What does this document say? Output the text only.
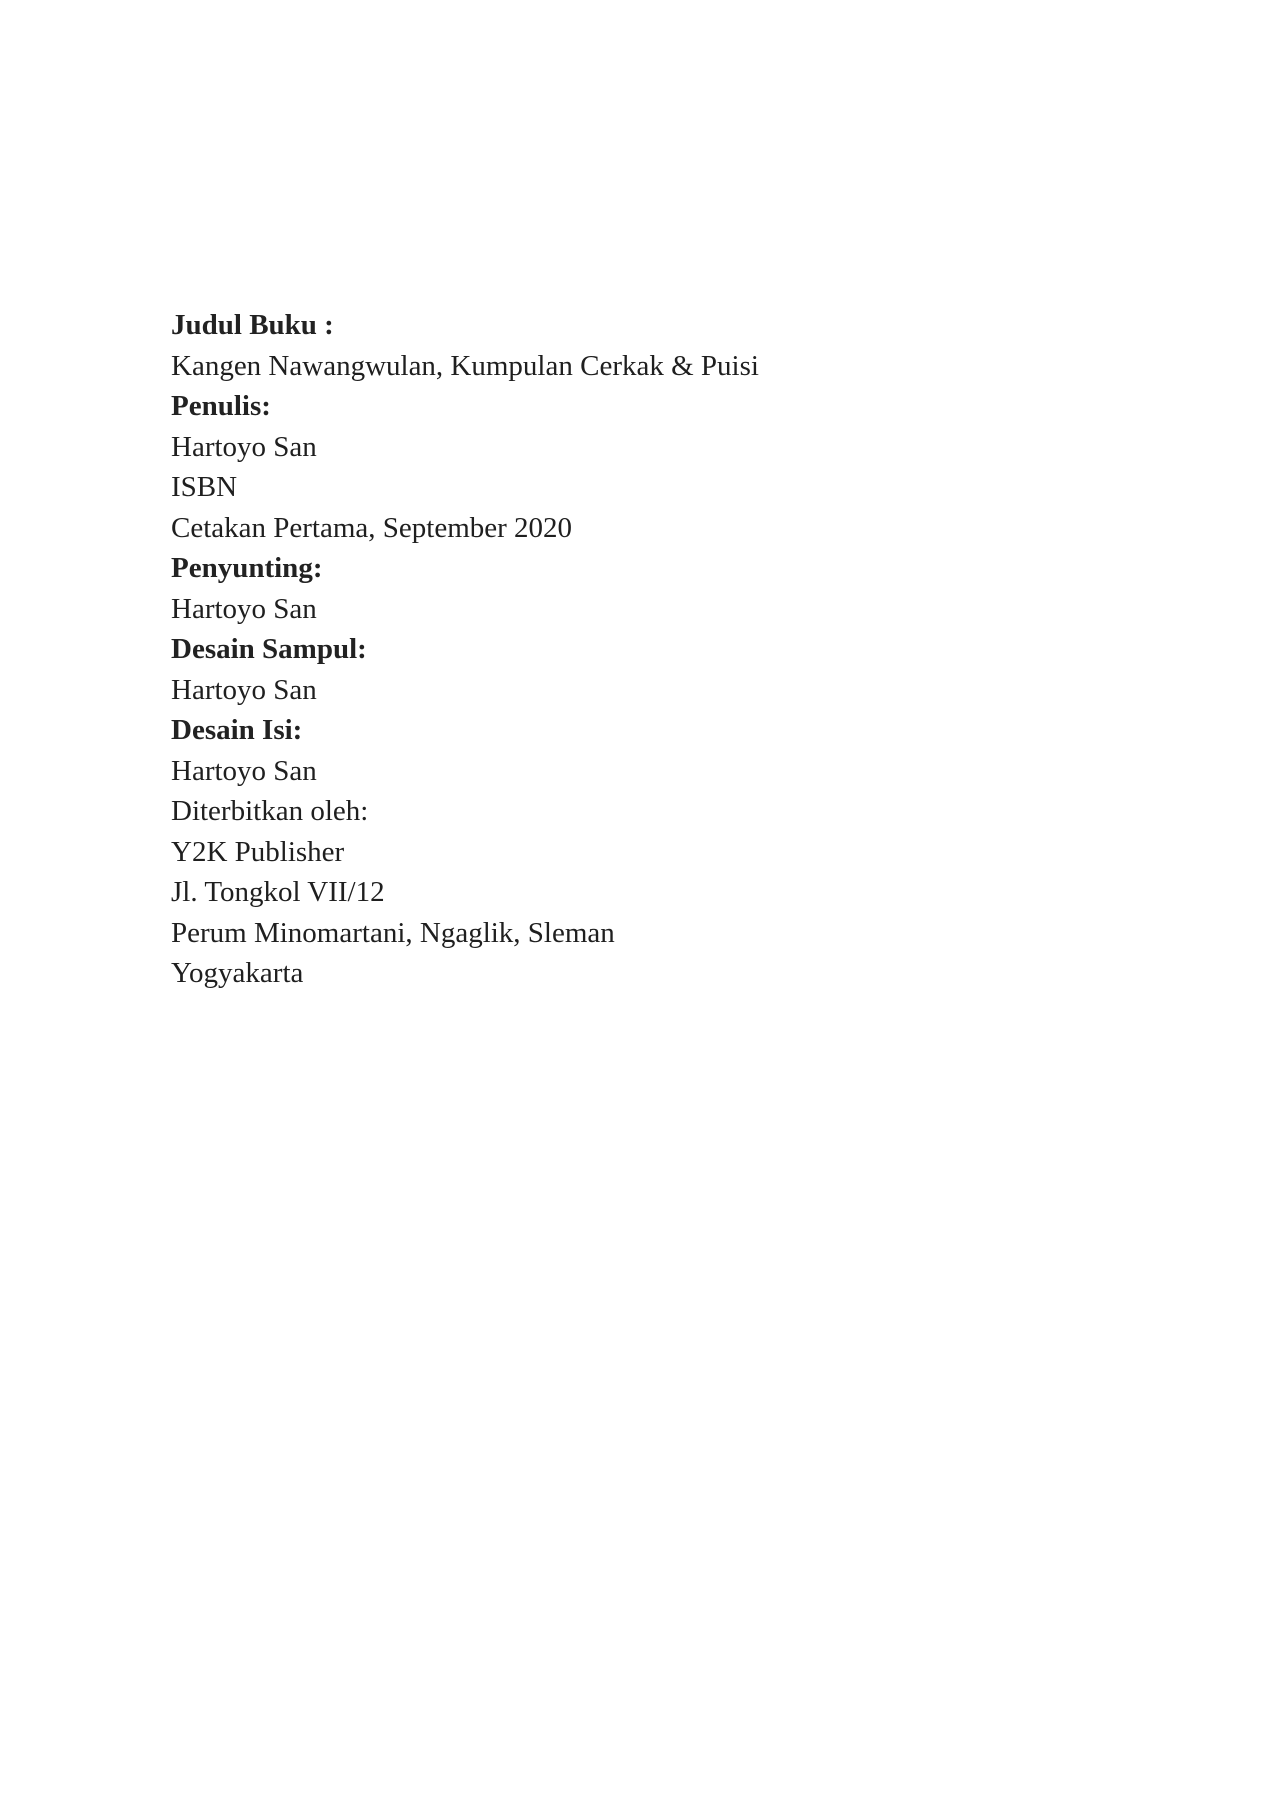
Judul Buku :
Kangen Nawangwulan, Kumpulan Cerkak & Puisi
Penulis:
Hartoyo San
ISBN
Cetakan Pertama, September 2020
Penyunting:
Hartoyo San
Desain Sampul:
Hartoyo San
Desain Isi:
Hartoyo San
Diterbitkan oleh:
Y2K Publisher
Jl. Tongkol VII/12
Perum Minomartani, Ngaglik, Sleman
Yogyakarta
